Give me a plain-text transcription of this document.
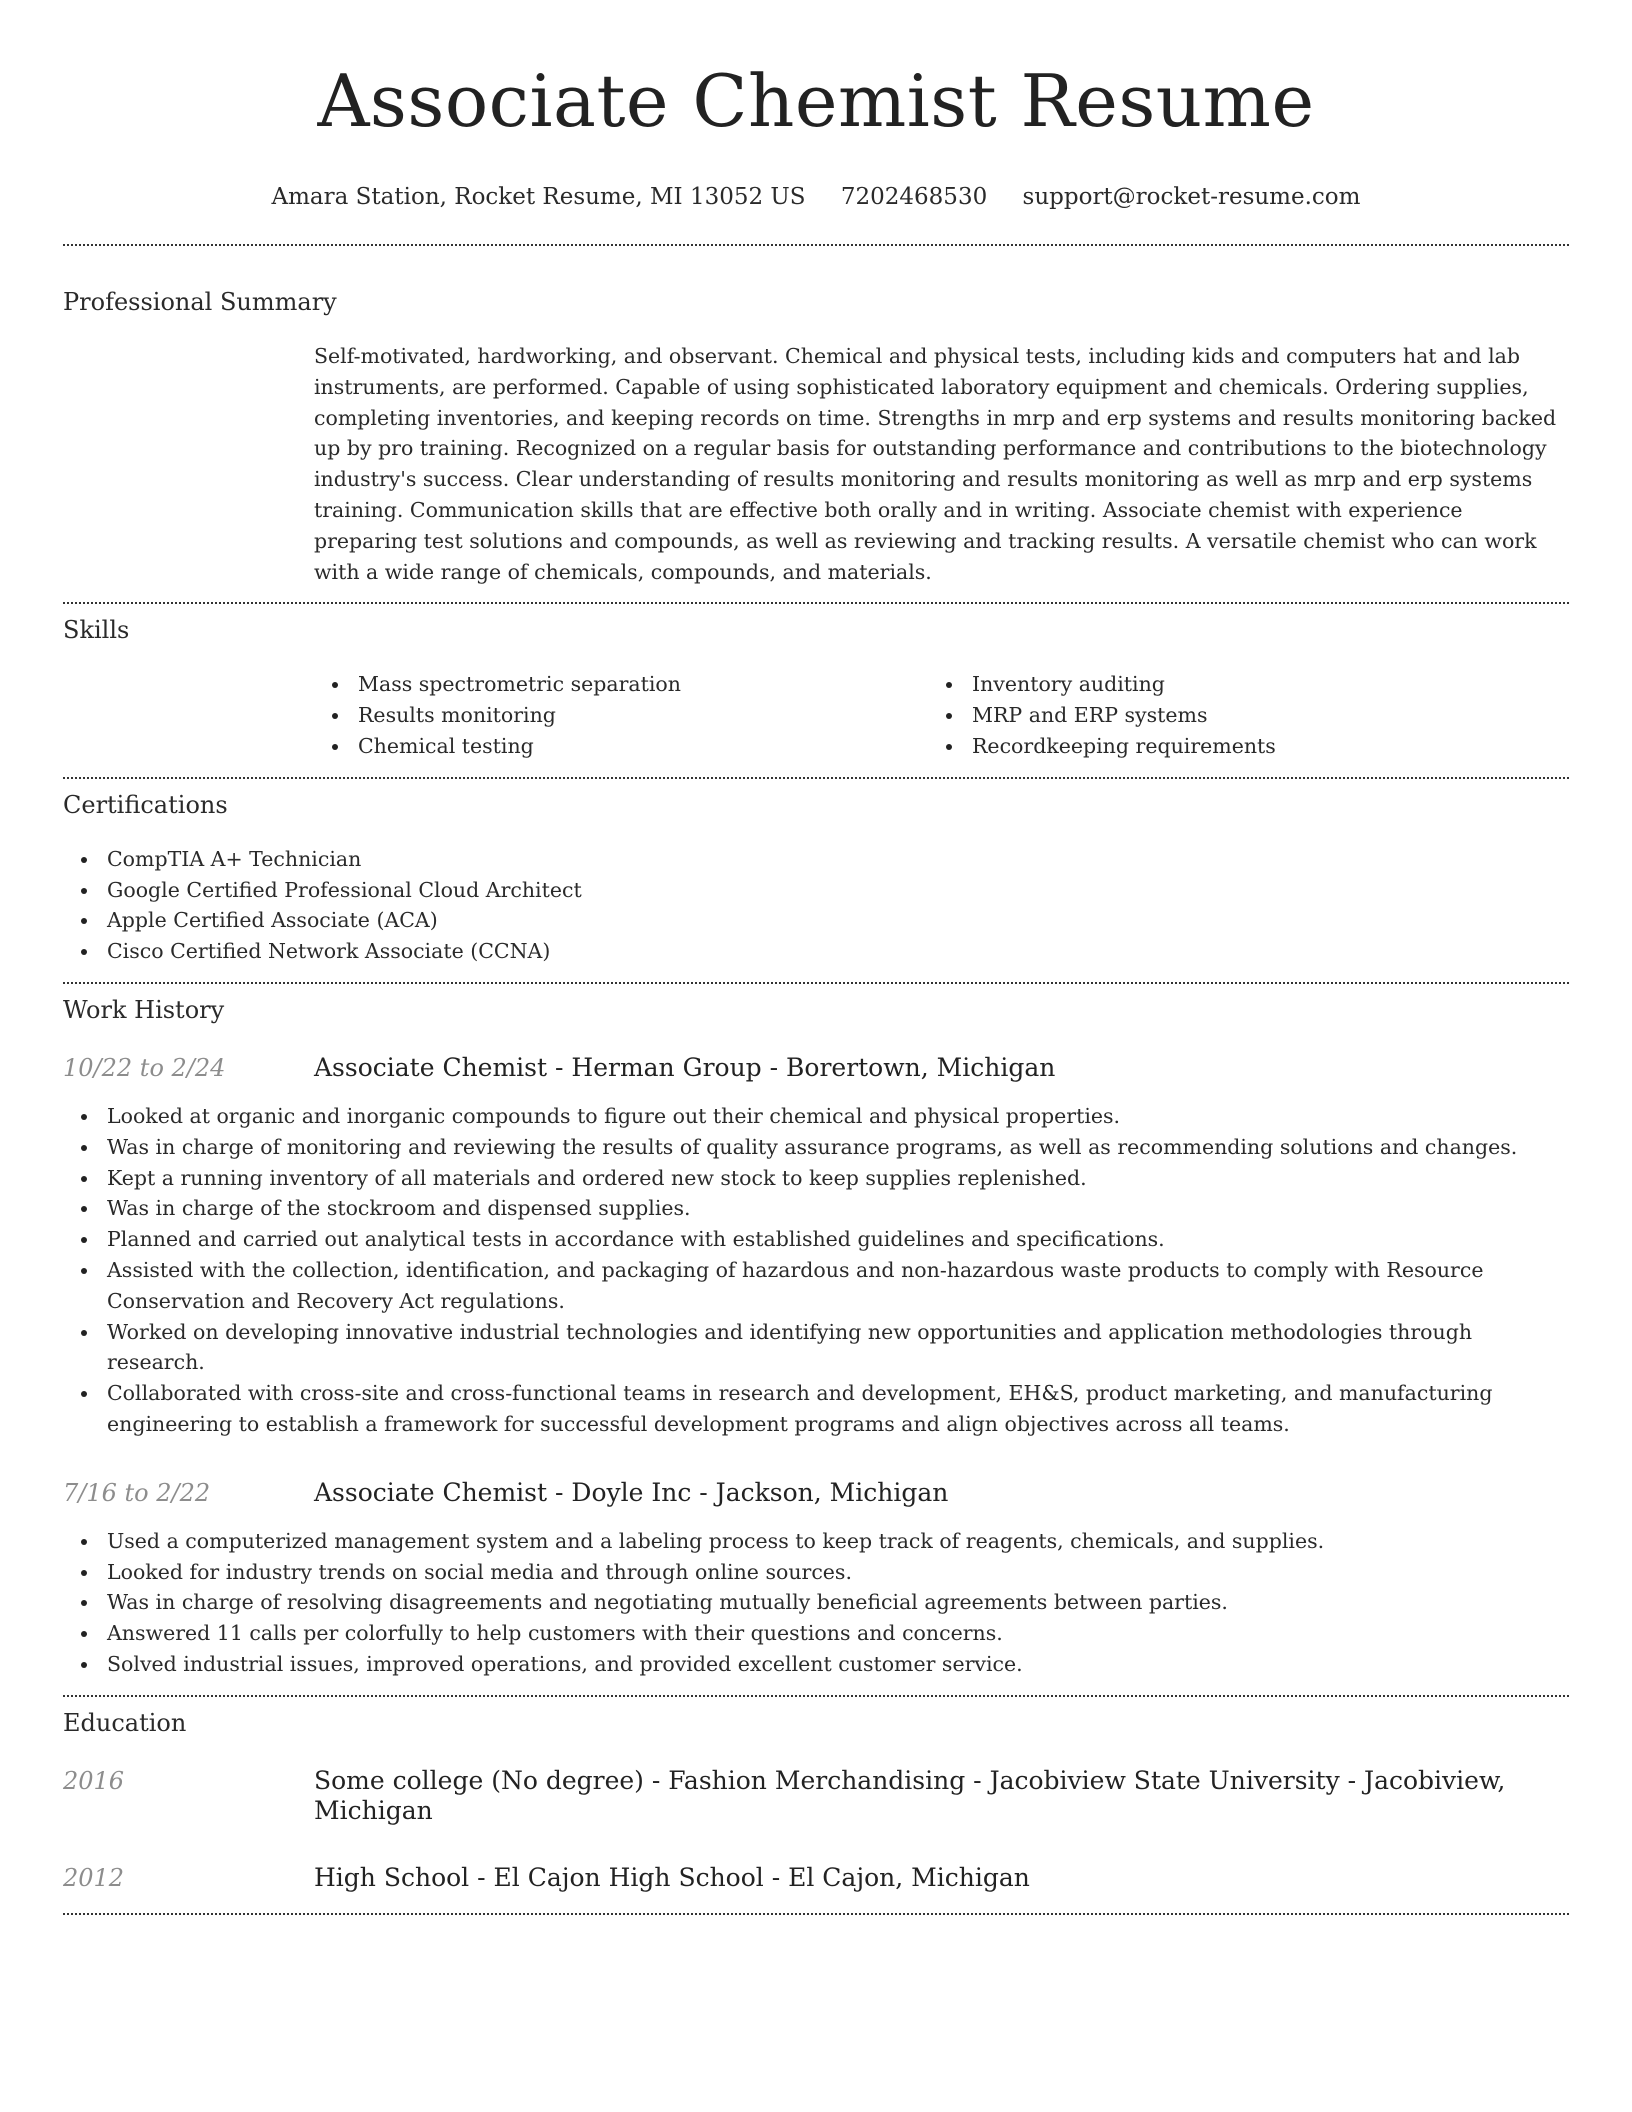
Associate Chemist Resume
Amara Station, Rocket Resume, MI 13052 US 7202468530 support@rocket-resume.com
Professional Summary
Self-motivated, hardworking, and observant. Chemical and physical tests, including kids and computers hat and lab instruments, are performed. Capable of using sophisticated laboratory equipment and chemicals. Ordering supplies, completing inventories, and keeping records on time. Strengths in mrp and erp systems and results monitoring backed up by pro training. Recognized on a regular basis for outstanding performance and contributions to the biotechnology industry's success. Clear understanding of results monitoring and results monitoring as well as mrp and erp systems training. Communication skills that are effective both orally and in writing. Associate chemist with experience preparing test solutions and compounds, as well as reviewing and tracking results. A versatile chemist who can work with a wide range of chemicals, compounds, and materials.
Skills
Mass spectrometric separation
Results monitoring
Chemical testing
Inventory auditing
MRP and ERP systems
Recordkeeping requirements
Certifications
CompTIA A+ Technician
Google Certified Professional Cloud Architect
Apple Certified Associate (ACA)
Cisco Certified Network Associate (CCNA)
Work History
10/22 to 2/24	Associate Chemist - Herman Group - Borertown, Michigan
Looked at organic and inorganic compounds to figure out their chemical and physical properties.
Was in charge of monitoring and reviewing the results of quality assurance programs, as well as recommending solutions and changes.
Kept a running inventory of all materials and ordered new stock to keep supplies replenished.
Was in charge of the stockroom and dispensed supplies.
Planned and carried out analytical tests in accordance with established guidelines and specifications.
Assisted with the collection, identification, and packaging of hazardous and non-hazardous waste products to comply with Resource Conservation and Recovery Act regulations.
Worked on developing innovative industrial technologies and identifying new opportunities and application methodologies through research.
Collaborated with cross-site and cross-functional teams in research and development, EH&S, product marketing, and manufacturing engineering to establish a framework for successful development programs and align objectives across all teams.
7/16 to 2/22	Associate Chemist - Doyle Inc - Jackson, Michigan
Used a computerized management system and a labeling process to keep track of reagents, chemicals, and supplies.
Looked for industry trends on social media and through online sources.
Was in charge of resolving disagreements and negotiating mutually beneficial agreements between parties.
Answered 11 calls per colorfully to help customers with their questions and concerns.
Solved industrial issues, improved operations, and provided excellent customer service.
Education
2016	Some college (No degree) - Fashion Merchandising - Jacobiview State University - Jacobiview, Michigan
2012	High School - El Cajon High School - El Cajon, Michigan
